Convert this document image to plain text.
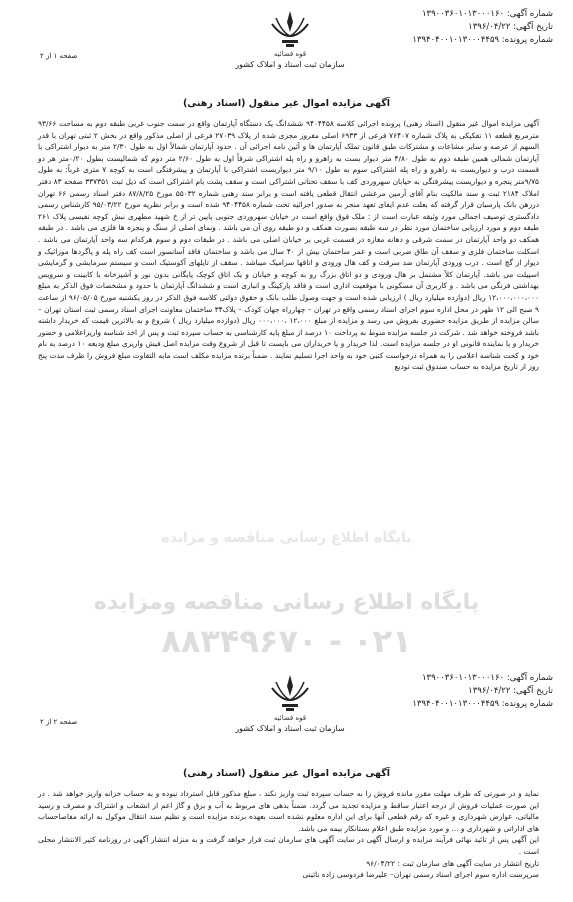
شماره آگهی: ۱۳۹۰۰۳۶۰۱۰۱۳۰۰۰۱۶۰
تاریخ آگهی: ۱۳۹۶/۰۴/۲۲
شماره پرونده: ۱۳۹۴۰۴۰۰۱۰۱۳۰۰۰۴۴۵۹
قوه قضائیه
سازمان ثبت اسناد و املاک کشور
صفحه ۱ از ۲
آگهی مزایده اموال غیر منقول (اسناد رهنی)
آگهی مزایده اموال غیر منقول (اسناد رهنی) پرونده اجرائی کلاسه ۹۴۰۴۴۵۸ ششدانگ یک دستگاه آپارتمان واقع در سمت جنوب غربی طبقه دوم به مساحت ۹۳/۶۶ مترمربع قطعه ۱۱ تفکیکی به پلاک شماره ۷۶۴۰۷ فرعی از ۶۹۳۳ اصلی مفروز مجزی شده از پلاک ۲۷۰۳۹ فرعی از اصلی مذکور واقع در بخش ۲ ثبتی تهران با قدر السهم از عرصه و سایر مشاعات و مشترکات طبق قانون تملک آپارتمان ها و آئین نامه اجرائی آن . حدود آپارتمان شمالاً اول به طول ۲/۳۰ متر به دیوار اشتراکی با آپارتمان شمالی همین طبقه دوم به طول ۴/۸۰ متر دیوار بست به راهرو و راه پله اشتراکی شرقاً اول به طول ۲/۶۰ متر دوم که شمالیست بطول ۰/۲۰متر هر دو قسمت درب و دیواریست به راهرو و راه پله اشتراکی سوم به طول ۹/۱۰ متر دیواریست اشتراکی با آپارتمان و پیشرفتگی است به کوچه ۷ متری غرباً: به طول ۹/۷۵متر پنجره و دیواریست پیشرفتگی به خیابان سهروردی کف با سقف تحتانی اشتراکی است و سقف پشت بام اشتراکی است که ذیل ثبت ۳۳۷۳۵۱ صفحه ۸۳ دفتر املاک ۲۱۸۴ ثبت و سند مالکیت بنام آقای آرمین مرعشی انتقال قطعی یافته است و برابر سند رهنی شماره ۵۵۰۳۲ مورخ ۸۷/۸/۲۵ دفتر اسناد رسمی ۶۶ تهران دررهن بانک پارسیان قرار گرفته که بعلت عدم ایفای تعهد منجر به صدور اجرائیه تحت شماره ۹۴۰۴۴۵۸ شده است و برابر نظریه مورخ ۹۵/۰۳/۲۲ کارشناس رسمی دادگستری توصیف اجمالی مورد وثیقه عبارت است از : ملک فوق واقع است در خیابان سهروردی جنوبی پایین تر از خ شهید مطهری نبش کوچه نفیسی پلاک ۲۶۱ طبقه دوم و مورد ارزیابی ساختمان مورد نظر در سه طبقه بصورت همکف و دو طبقه روی آن می باشد . ونمای اصلی از سنگ و پنجره ها فلزی می باشد . در طبقه همکف دو واحد آپارتمان در سمت شرقی و دهانه مغازه در قسمت غربی بر خیابان اصلی می باشد . در طبقات دوم و سوم هرکدام سه واحد آپارتمان می باشد . اسکلت ساختمان فلزی و سقف آن طاق ضربی است و عمر ساختمان بیش از ۴۰ سال می باشد و ساختمان فاقد آسانسور است کف راه پله و پاگردها موزائیک و دیوار از گچ است . درب ورودی آپارتمان ضد سرقت و کف هال ورودی و اتاقها سرامیک میباشد . سقف از تایلهای آکوستیک است و سیستم سرمایشی و گرمایشی اسپیلت می باشد. آپارتمان کلاً مشتمل بر هال ورودی و دو اتاق بزرگ رو به کوچه و خیابان و یک اتاق کوچک پایگانی بدون نور و آشپزخانه با کابینت و سرویس بهداشتی فرنگی می باشد . و کاربری آن مسکونی با موقعیت اداری است و فاقد پارکینگ و انباری است و ششدانگ آپارتمان با حدود و مشخصات فوق الذکر به مبلغ ۱۲،۰۰۰،۰۰۰،۰۰۰ ریال (دوازده میلیارد ریال ) ارزیابی شده است و جهت وصول طلب بانک و حقوق دولتی کلاسه فوق الذکر در روز یکشنبه مورخ ۹۶/۰۵/۰۵ از ساعت ۹ صبح الی ۱۲ ظهر در محل اداره سوم اجرای اسناد رسمی واقع در تهران – چهارراه جهان کودک – پلاک۳۴ ساختمان معاونت اجرای اسناد رسمی ثبت استان تهران – سالن مزایده از طریق مزایده حضوری بفروش می رسد و مزایده از مبلغ ۱۲،۰۰۰ ،۰۰۰،۰۰۰ ریال (دوازده میلیارد ریال ) شروع و به بالاترین قیمت که خریدار داشته باشد فروخته خواهد شد . شرکت در جلسه مزایده منوط به پرداخت ۱۰ درصد از مبلغ پایه کارشناسی به حساب سپرده ثبت و پس از اخذ شناسه واریزاعلامی و حضور خریدار و یا نماینده قانونی او در جلسه مزایده است. لذا خریدار و یا خریداران می بایست تا قبل از شروع وقت مزایده اصل فیش واریزی مبلغ ودیعه ۱۰ درصد به نام خود و کحت شناسه اعلامی را به همراه درخواست کتبی خود به واحد اجرا تسلیم نمایند . ضمناً برنده مزایده مکلف است مابه التفاوت مبلغ فروش را ظرف مدت پنج روز از تاریخ مزایده به حساب صندوق ثبت تودیع
پایگاه اطلاع رسانی مناقصه و مزایده
پایگاه اطلاع رسانی مناقصه ومزایده
۰۲۱ - ۸۸۳۴۹۶۷۰
شماره آگهی: ۱۳۹۰۰۳۶۰۱۰۱۳۰۰۰۱۶۰
تاریخ آگهی: ۱۳۹۶/۰۴/۲۲
شماره پرونده: ۱۳۹۴۰۴۰۰۱۰۱۳۰۰۰۴۴۵۹
قوه قضائیه
سازمان ثبت اسناد و املاک کشور
صفحه ۲ از ۲
آگهی مزایده اموال غیر منقول (اسناد رهنی)
نماید و در صورتی که ظرف مهلت مقرر مانده فروش را به حساب سپرده ثبت واریز نکند ، مبلغ مذکور قابل استرداد نبوده و به حساب خزانه واریز خواهد شد . در این صورت عملیات فروش از درجه اعتبار ساقط و مزایده تجدید می گردد. ضمناً بدهی های مربوط به آب و برق و گاز اعم از انشعاب و اشتراک و مصرف و رسید مالیاتی، عوارض شهرداری و غیره که رقم قطعی آنها برای این اداره معلوم نشده است بعهده برنده مزایده است و نظیم سند انتقال موکول به ارائه مفاصاحساب های اداراتی و شهرداری و ... و مورد مزایده طبق اعلام بستانکار بیمه می باشد.
این آگهی پس از تائید نهائی فرآیند مزایده و ارسال آگهی در سایت آگهی های سازمان ثبت قرار خواهد گرفت و به منزله انتشار آگهی در روزنامه کثیر الانتشار محلی است .
تاریخ انتشار در سایت آگهی های سازمان ثبت : ۹۶/۰۴/۲۲
سرپرست اداره سوم اجرای اسناد رسمی تهران– علیرضا فردوسی زاده نائینی
